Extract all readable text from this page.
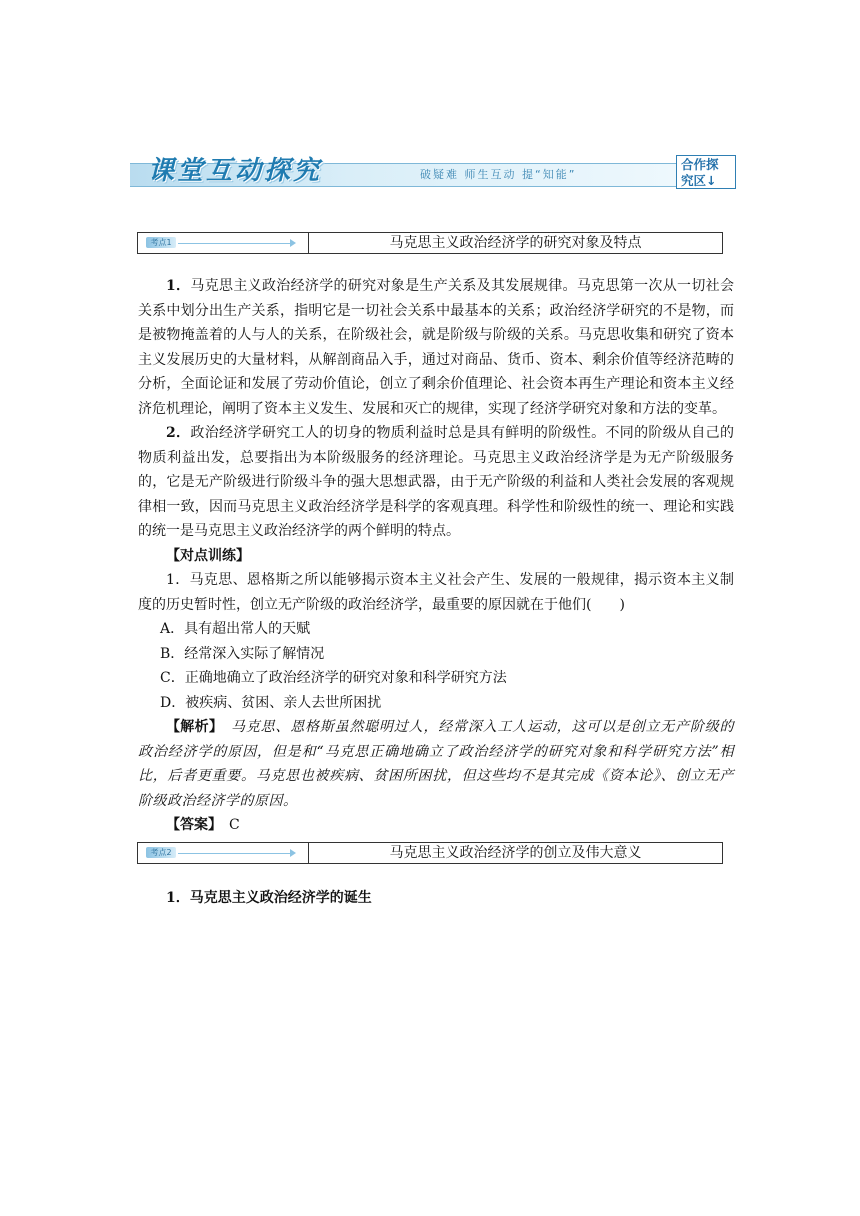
课堂互动探究	破疑难 师生互动 提“知能”
合作探
究区↓
考点1	马克思主义政治经济学的研究对象及特点

1．马克思主义政治经济学的研究对象是生产关系及其发展规律。马克思第一次从一切社会关系中划分出生产关系，指明它是一切社会关系中最基本的关系；政治经济学研究的不是物，而是被物掩盖着的人与人的关系，在阶级社会，就是阶级与阶级的关系。马克思收集和研究了资本主义发展历史的大量材料，从解剖商品入手，通过对商品、货币、资本、剩余价值等经济范畴的分析，全面论证和发展了劳动价值论，创立了剩余价值理论、社会资本再生产理论和资本主义经济危机理论，阐明了资本主义发生、发展和灭亡的规律，实现了经济学研究对象和方法的变革。

2．政治经济学研究工人的切身的物质利益时总是具有鲜明的阶级性。不同的阶级从自己的物质利益出发，总要指出为本阶级服务的经济理论。马克思主义政治经济学是为无产阶级服务的，它是无产阶级进行阶级斗争的强大思想武器，由于无产阶级的利益和人类社会发展的客观规律相一致，因而马克思主义政治经济学是科学的客观真理。科学性和阶级性的统一、理论和实践的统一是马克思主义政治经济学的两个鲜明的特点。

【对点训练】

1．马克思、恩格斯之所以能够揭示资本主义社会产生、发展的一般规律，揭示资本主义制度的历史暂时性，创立无产阶级的政治经济学，最重要的原因就在于他们(　　)

A．具有超出常人的天赋

B．经常深入实际了解情况

C．正确地确立了政治经济学的研究对象和科学研究方法

D．被疾病、贫困、亲人去世所困扰

【解析】　马克思、恩格斯虽然聪明过人，经常深入工人运动，这可以是创立无产阶级的政治经济学的原因，但是和“马克思正确地确立了政治经济学的研究对象和科学研究方法”相比，后者更重要。马克思也被疾病、贫困所困扰，但这些均不是其完成《资本论》、创立无产阶级政治经济学的原因。

【答案】　C

考点2	马克思主义政治经济学的创立及伟大意义

1．马克思主义政治经济学的诞生
